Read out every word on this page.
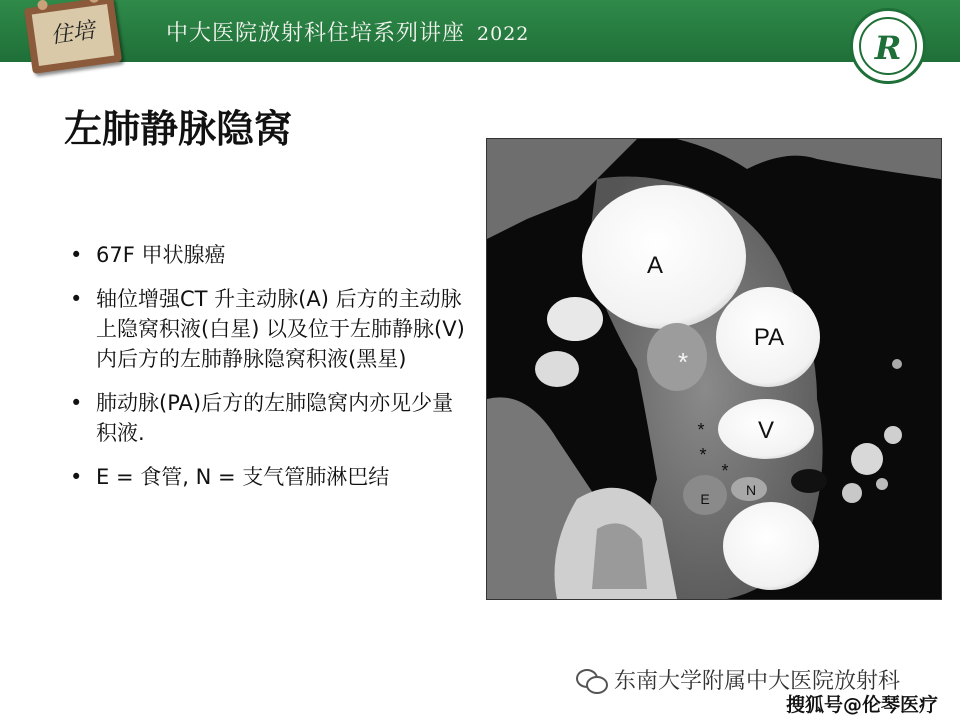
住培	中大医院放射科住培系列讲座 2022	R
左肺静脉隐窝
• 67F 甲状腺癌
• 轴位增强CT 升主动脉(A) 后方的主动脉上隐窝积液(白星) 以及位于左肺静脉(V)内后方的左肺静脉隐窝积液(黑星)
• 肺动脉(PA)后方的左肺隐窝内亦见少量积液.
• E = 食管, N = 支气管肺淋巴结
A
PA
V
E
N
*
*
*
*
东南大学附属中大医院放射科
搜狐号@伦琴医疗
